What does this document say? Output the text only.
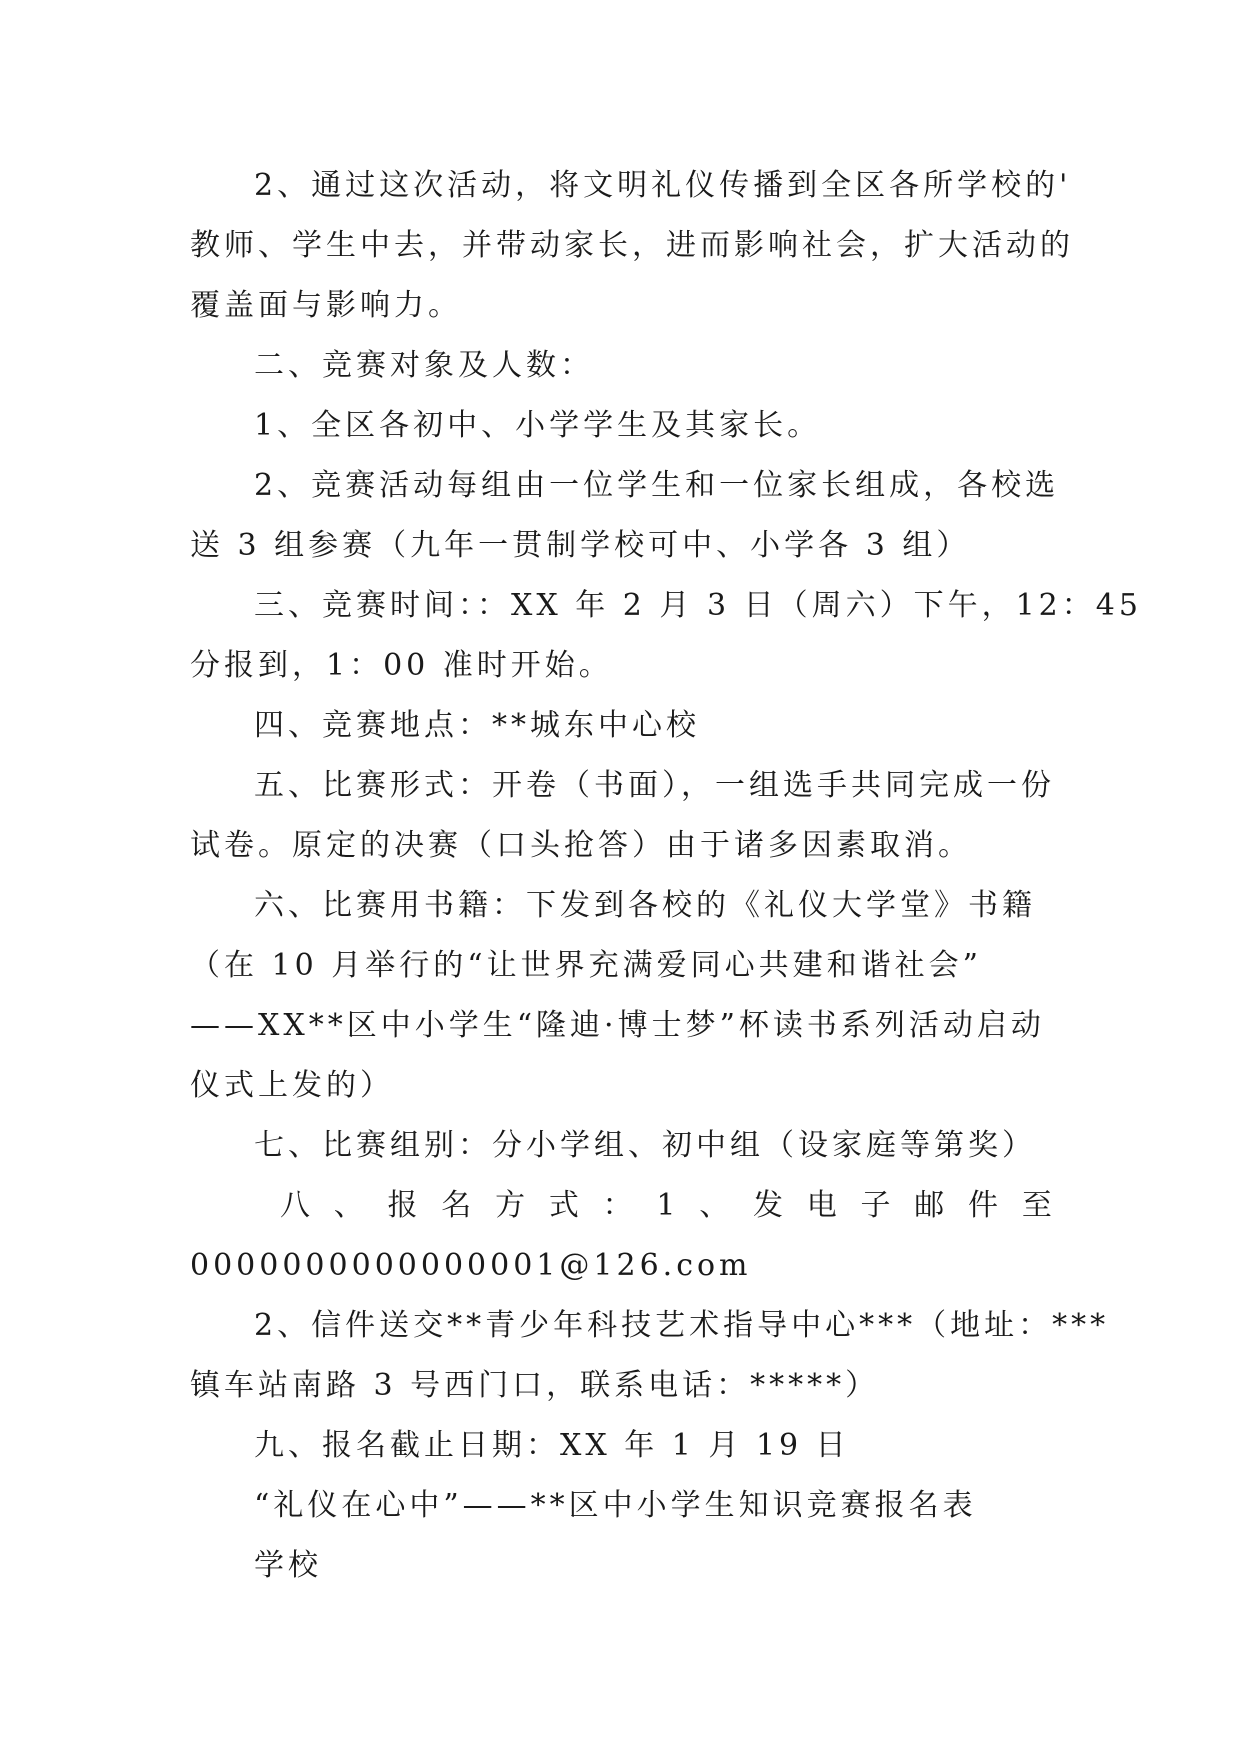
2、通过这次活动，将文明礼仪传播到全区各所学校的'
教师、学生中去，并带动家长，进而影响社会，扩大活动的
覆盖面与影响力。
二、竞赛对象及人数：
1、全区各初中、小学学生及其家长。
2、竞赛活动每组由一位学生和一位家长组成，各校选
送 3 组参赛（九年一贯制学校可中、小学各 3 组）
三、竞赛时间：：XX 年 2 月 3 日（周六）下午，12：45
分报到，1：00 准时开始。
四、竞赛地点：**城东中心校
五、比赛形式：开卷（书面），一组选手共同完成一份
试卷。原定的决赛（口头抢答）由于诸多因素取消。
六、比赛用书籍：下发到各校的《礼仪大学堂》书籍
（在 10 月举行的“让世界充满爱同心共建和谐社会”
——XX**区中小学生“隆迪·博士梦”杯读书系列活动启动
仪式上发的）
七、比赛组别：分小学组、初中组（设家庭等第奖）
八 、 报 名 方 式 ： 1 、 发 电 子 邮 件 至
0000000000000001@126.com
2、信件送交**青少年科技艺术指导中心***（地址：***
镇车站南路 3 号西门口，联系电话：*****）
九、报名截止日期：XX 年 1 月 19 日
“礼仪在心中”——**区中小学生知识竞赛报名表
学校
